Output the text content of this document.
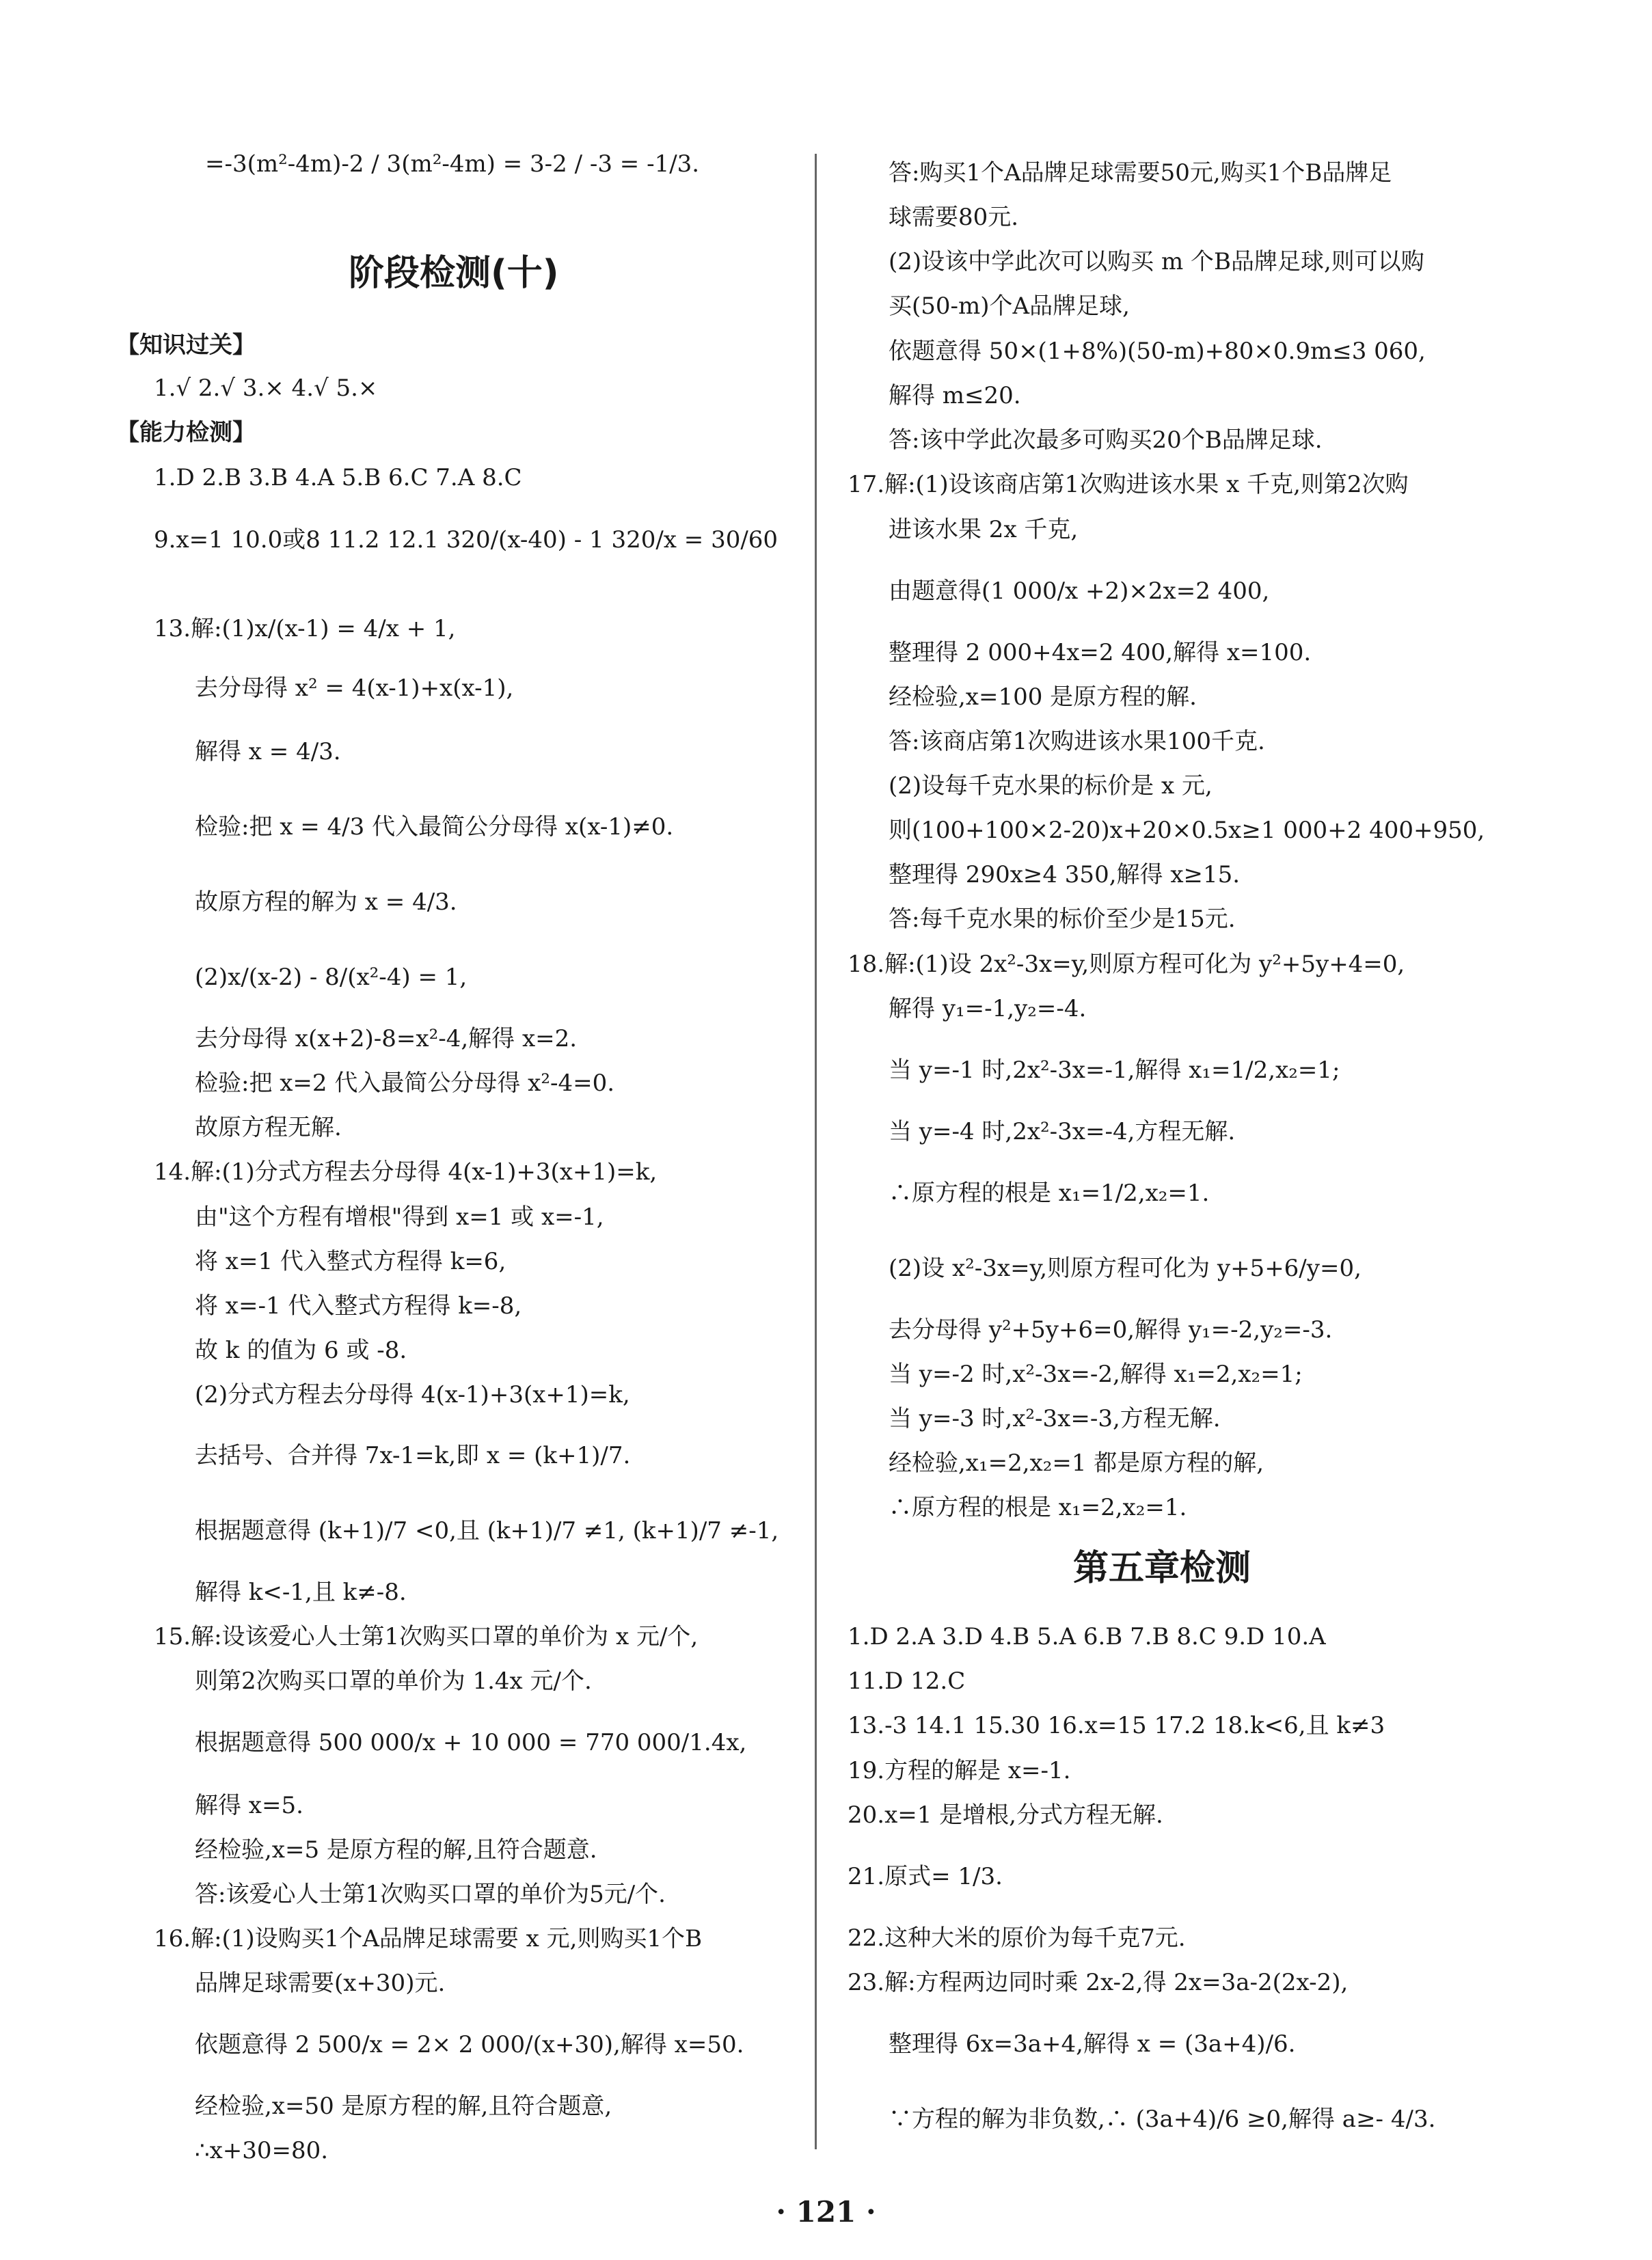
=-3(m²-4m)-2 / 3(m²-4m) = 3-2 / -3 = -1/3.
阶段检测(十)
【知识过关】
1.√ 2.√ 3.× 4.√ 5.×
【能力检测】
1.D 2.B 3.B 4.A 5.B 6.C 7.A 8.C
9.x=1 10.0或8 11.2 12.1 320/(x-40) - 1 320/x = 30/60
13.解:(1)x/(x-1) = 4/x + 1,
去分母得 x² = 4(x-1)+x(x-1),
解得 x = 4/3.
检验:把 x = 4/3 代入最简公分母得 x(x-1)≠0.
故原方程的解为 x = 4/3.
(2)x/(x-2) - 8/(x²-4) = 1,
去分母得 x(x+2)-8=x²-4,解得 x=2.
检验:把 x=2 代入最简公分母得 x²-4=0.
故原方程无解.
14.解:(1)分式方程去分母得 4(x-1)+3(x+1)=k,
由"这个方程有增根"得到 x=1 或 x=-1,
将 x=1 代入整式方程得 k=6,
将 x=-1 代入整式方程得 k=-8,
故 k 的值为 6 或 -8.
(2)分式方程去分母得 4(x-1)+3(x+1)=k,
去括号、合并得 7x-1=k,即 x = (k+1)/7.
根据题意得 (k+1)/7 <0,且 (k+1)/7 ≠1, (k+1)/7 ≠-1,
解得 k<-1,且 k≠-8.
15.解:设该爱心人士第1次购买口罩的单价为 x 元/个,
则第2次购买口罩的单价为 1.4x 元/个.
根据题意得 500 000/x + 10 000 = 770 000/1.4x,
解得 x=5.
经检验,x=5 是原方程的解,且符合题意.
答:该爱心人士第1次购买口罩的单价为5元/个.
16.解:(1)设购买1个A品牌足球需要 x 元,则购买1个B
品牌足球需要(x+30)元.
依题意得 2 500/x = 2× 2 000/(x+30),解得 x=50.
经检验,x=50 是原方程的解,且符合题意,
∴x+30=80.
答:购买1个A品牌足球需要50元,购买1个B品牌足
球需要80元.
(2)设该中学此次可以购买 m 个B品牌足球,则可以购
买(50-m)个A品牌足球,
依题意得 50×(1+8%)(50-m)+80×0.9m≤3 060,
解得 m≤20.
答:该中学此次最多可购买20个B品牌足球.
17.解:(1)设该商店第1次购进该水果 x 千克,则第2次购
进该水果 2x 千克,
由题意得(1 000/x +2)×2x=2 400,
整理得 2 000+4x=2 400,解得 x=100.
经检验,x=100 是原方程的解.
答:该商店第1次购进该水果100千克.
(2)设每千克水果的标价是 x 元,
则(100+100×2-20)x+20×0.5x≥1 000+2 400+950,
整理得 290x≥4 350,解得 x≥15.
答:每千克水果的标价至少是15元.
18.解:(1)设 2x²-3x=y,则原方程可化为 y²+5y+4=0,
解得 y₁=-1,y₂=-4.
当 y=-1 时,2x²-3x=-1,解得 x₁=1/2,x₂=1;
当 y=-4 时,2x²-3x=-4,方程无解.
∴原方程的根是 x₁=1/2,x₂=1.
(2)设 x²-3x=y,则原方程可化为 y+5+6/y=0,
去分母得 y²+5y+6=0,解得 y₁=-2,y₂=-3.
当 y=-2 时,x²-3x=-2,解得 x₁=2,x₂=1;
当 y=-3 时,x²-3x=-3,方程无解.
经检验,x₁=2,x₂=1 都是原方程的解,
∴原方程的根是 x₁=2,x₂=1.
第五章检测
1.D 2.A 3.D 4.B 5.A 6.B 7.B 8.C 9.D 10.A
11.D 12.C
13.-3 14.1 15.30 16.x=15 17.2 18.k<6,且 k≠3
19.方程的解是 x=-1.
20.x=1 是增根,分式方程无解.
21.原式= 1/3.
22.这种大米的原价为每千克7元.
23.解:方程两边同时乘 2x-2,得 2x=3a-2(2x-2),
整理得 6x=3a+4,解得 x = (3a+4)/6.
∵方程的解为非负数,∴ (3a+4)/6 ≥0,解得 a≥- 4/3.
· 121 ·
